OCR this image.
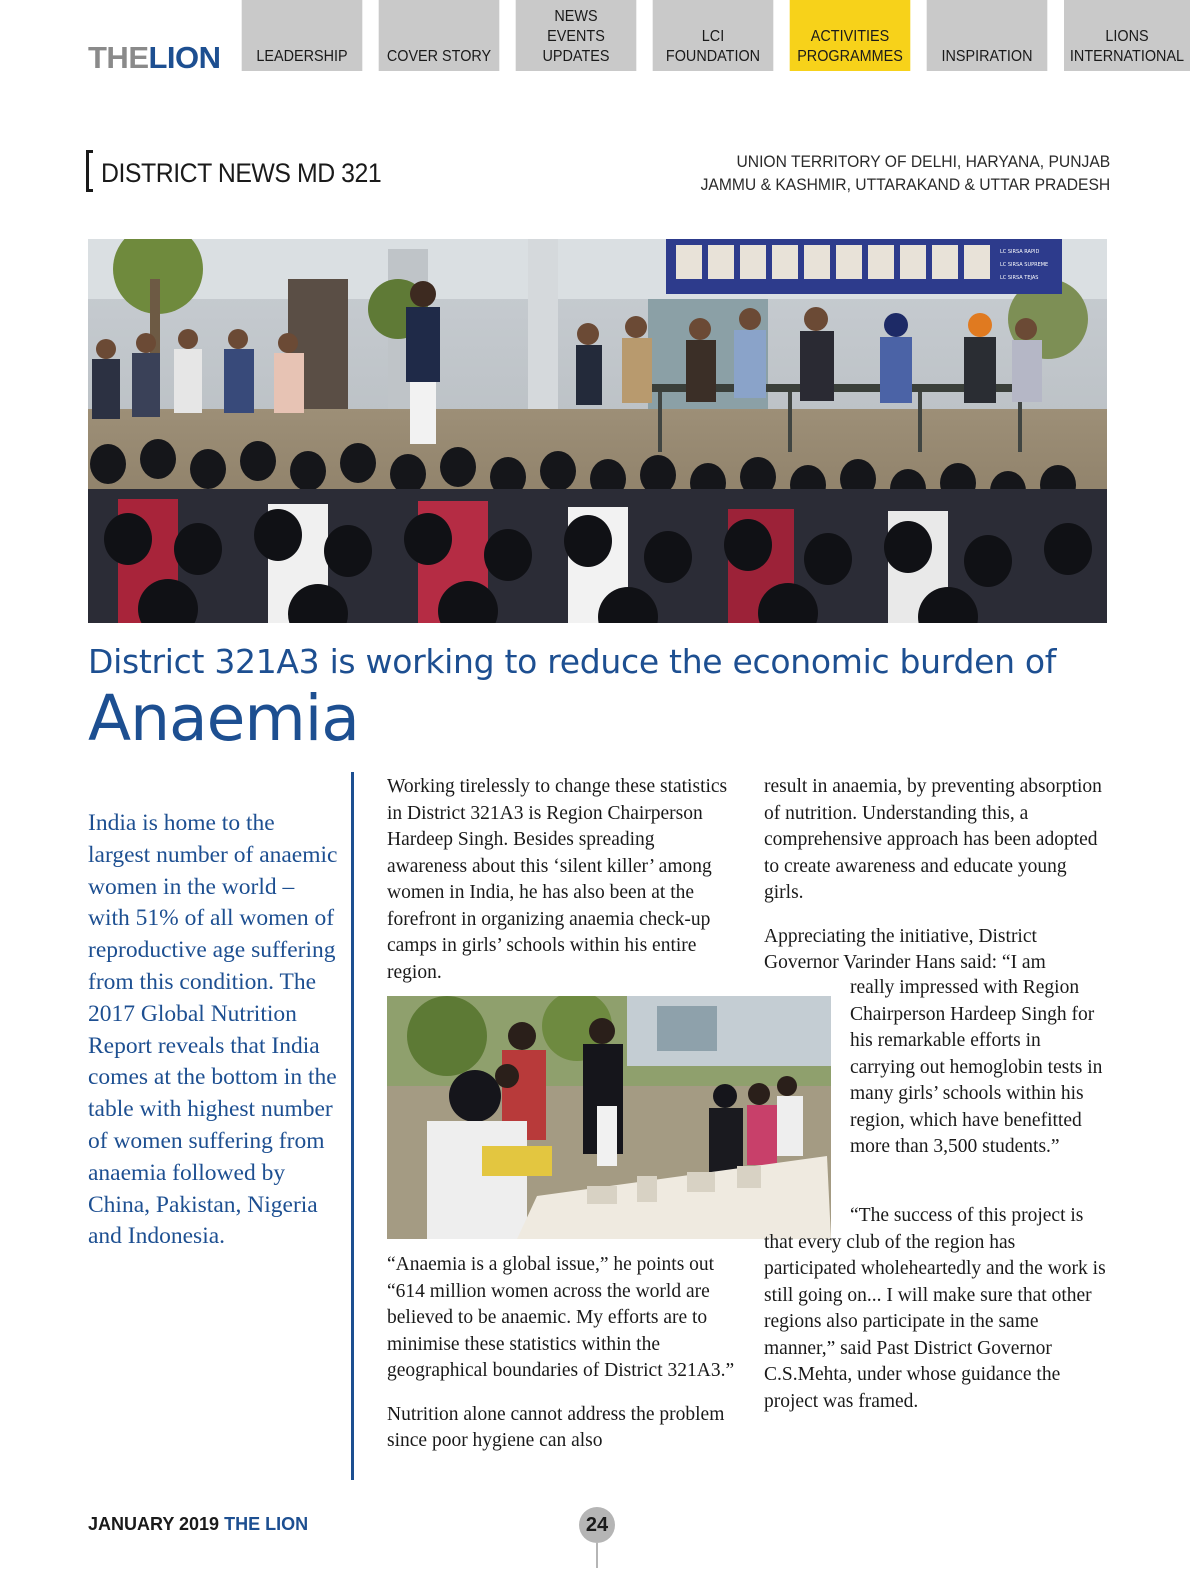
THELION LEADERSHIP COVER STORY
NEWS
EVENTS
UPDATES
LCI
FOUNDATION
ACTIVITIES
PROGRAMMES INSPIRATION
LIONS
INTERNATIONAL
DISTRICT NEWS MD 321	UNION TERRITORY OF DELHI, HARYANA, PUNJAB
JAMMU & KASHMIR, UTTARAKAND & UTTAR PRADESH
LC SIRSA RAPID
LC SIRSA SUPREME
LC SIRSA TEJAS
District 321A3 is working to reduce the economic burden of
Anaemia
India is home to the largest number of anaemic women in the world – with 51% of all women of reproductive age suffering from this condition. The 2017 Global Nutrition Report reveals that India comes at the bottom in the table with highest number of women suffering from anaemia followed by China, Pakistan, Nigeria and Indonesia.

Working tirelessly to change these statistics in District 321A3 is Region Chairperson Hardeep Singh. Besides spreading awareness about this ‘silent killer’ among women in India, he has also been at the forefront in organizing anaemia check-up camps in girls’ schools within his entire region.

“Anaemia is a global issue,” he points out “614 million women across the world are believed to be anaemic. My efforts are to minimise these statistics within the geographical boundaries of District 321A3.”

Nutrition alone cannot address the problem since poor hygiene can also

result in anaemia, by preventing absorption of nutrition. Understanding this, a comprehensive approach has been adopted to create awareness and educate young girls.

Appreciating the initiative, District Governor Varinder Hans said: “I am

really impressed with Region Chairperson Hardeep Singh for his remarkable efforts in carrying out hemoglobin tests in many girls’ schools within his region, which have benefitted more than 3,500 students.”

“The success of this project is that every club of the region has participated wholeheartedly and the work is still going on... I will make sure that other regions also participate in the same manner,” said Past District Governor C.S.Mehta, under whose guidance the project was framed.

JANUARY 2019 THE LION	24
